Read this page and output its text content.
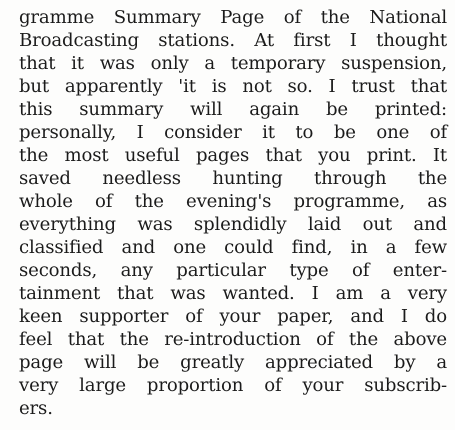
gramme Summary Page of the National
Broadcasting stations. At first I thought
that it was only a temporary suspension,
but apparently 'it is not so. I trust that
this summary will again be printed:
personally, I consider it to be one of
the most useful pages that you print. It
saved needless hunting through the
whole of the evening's programme, as
everything was splendidly laid out and
classified and one could find, in a few
seconds, any particular type of enter-
tainment that was wanted. I am a very
keen supporter of your paper, and I do
feel that the re-introduction of the above
page will be greatly appreciated by a
very large proportion of your subscrib-
ers.
